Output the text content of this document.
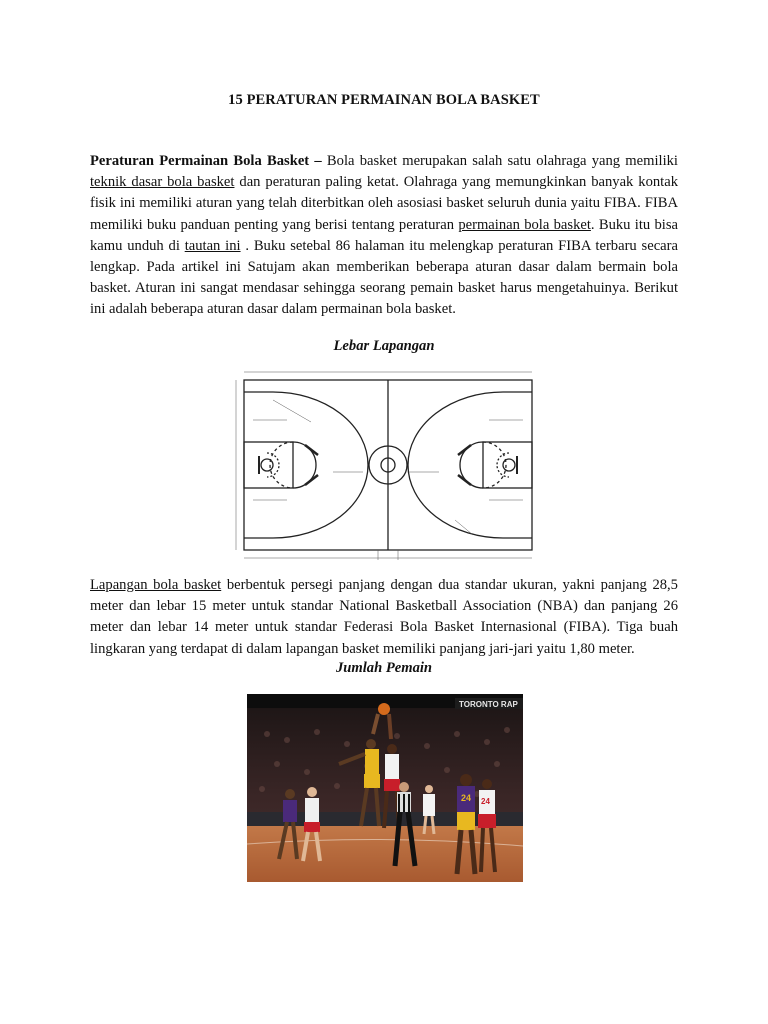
15 PERATURAN PERMAINAN BOLA BASKET

Peraturan Permainan Bola Basket – Bola basket merupakan salah satu olahraga yang memiliki teknik dasar bola basket dan peraturan paling ketat. Olahraga yang memungkinkan banyak kontak fisik ini memiliki aturan yang telah diterbitkan oleh asosiasi basket seluruh dunia yaitu FIBA. FIBA memiliki buku panduan penting yang berisi tentang peraturan permainan bola basket. Buku itu bisa kamu unduh di tautan ini . Buku setebal 86 halaman itu melengkap peraturan FIBA terbaru secara lengkap. Pada artikel ini Satujam akan memberikan beberapa aturan dasar dalam bermain bola basket. Aturan ini sangat mendasar sehingga seorang pemain basket harus mengetahuinya. Berikut ini adalah beberapa aturan dasar dalam permainan bola basket.

Lebar Lapangan

Lapangan bola basket berbentuk persegi panjang dengan dua standar ukuran, yakni panjang 28,5 meter dan lebar 15 meter untuk standar National Basketball Association (NBA) dan panjang 26 meter dan lebar 14 meter untuk standar Federasi Bola Basket Internasional (FIBA). Tiga buah lingkaran yang terdapat di dalam lapangan basket memiliki panjang jari-jari yaitu 1,80 meter.

Jumlah Pemain
TORONTO RAP
24 24
